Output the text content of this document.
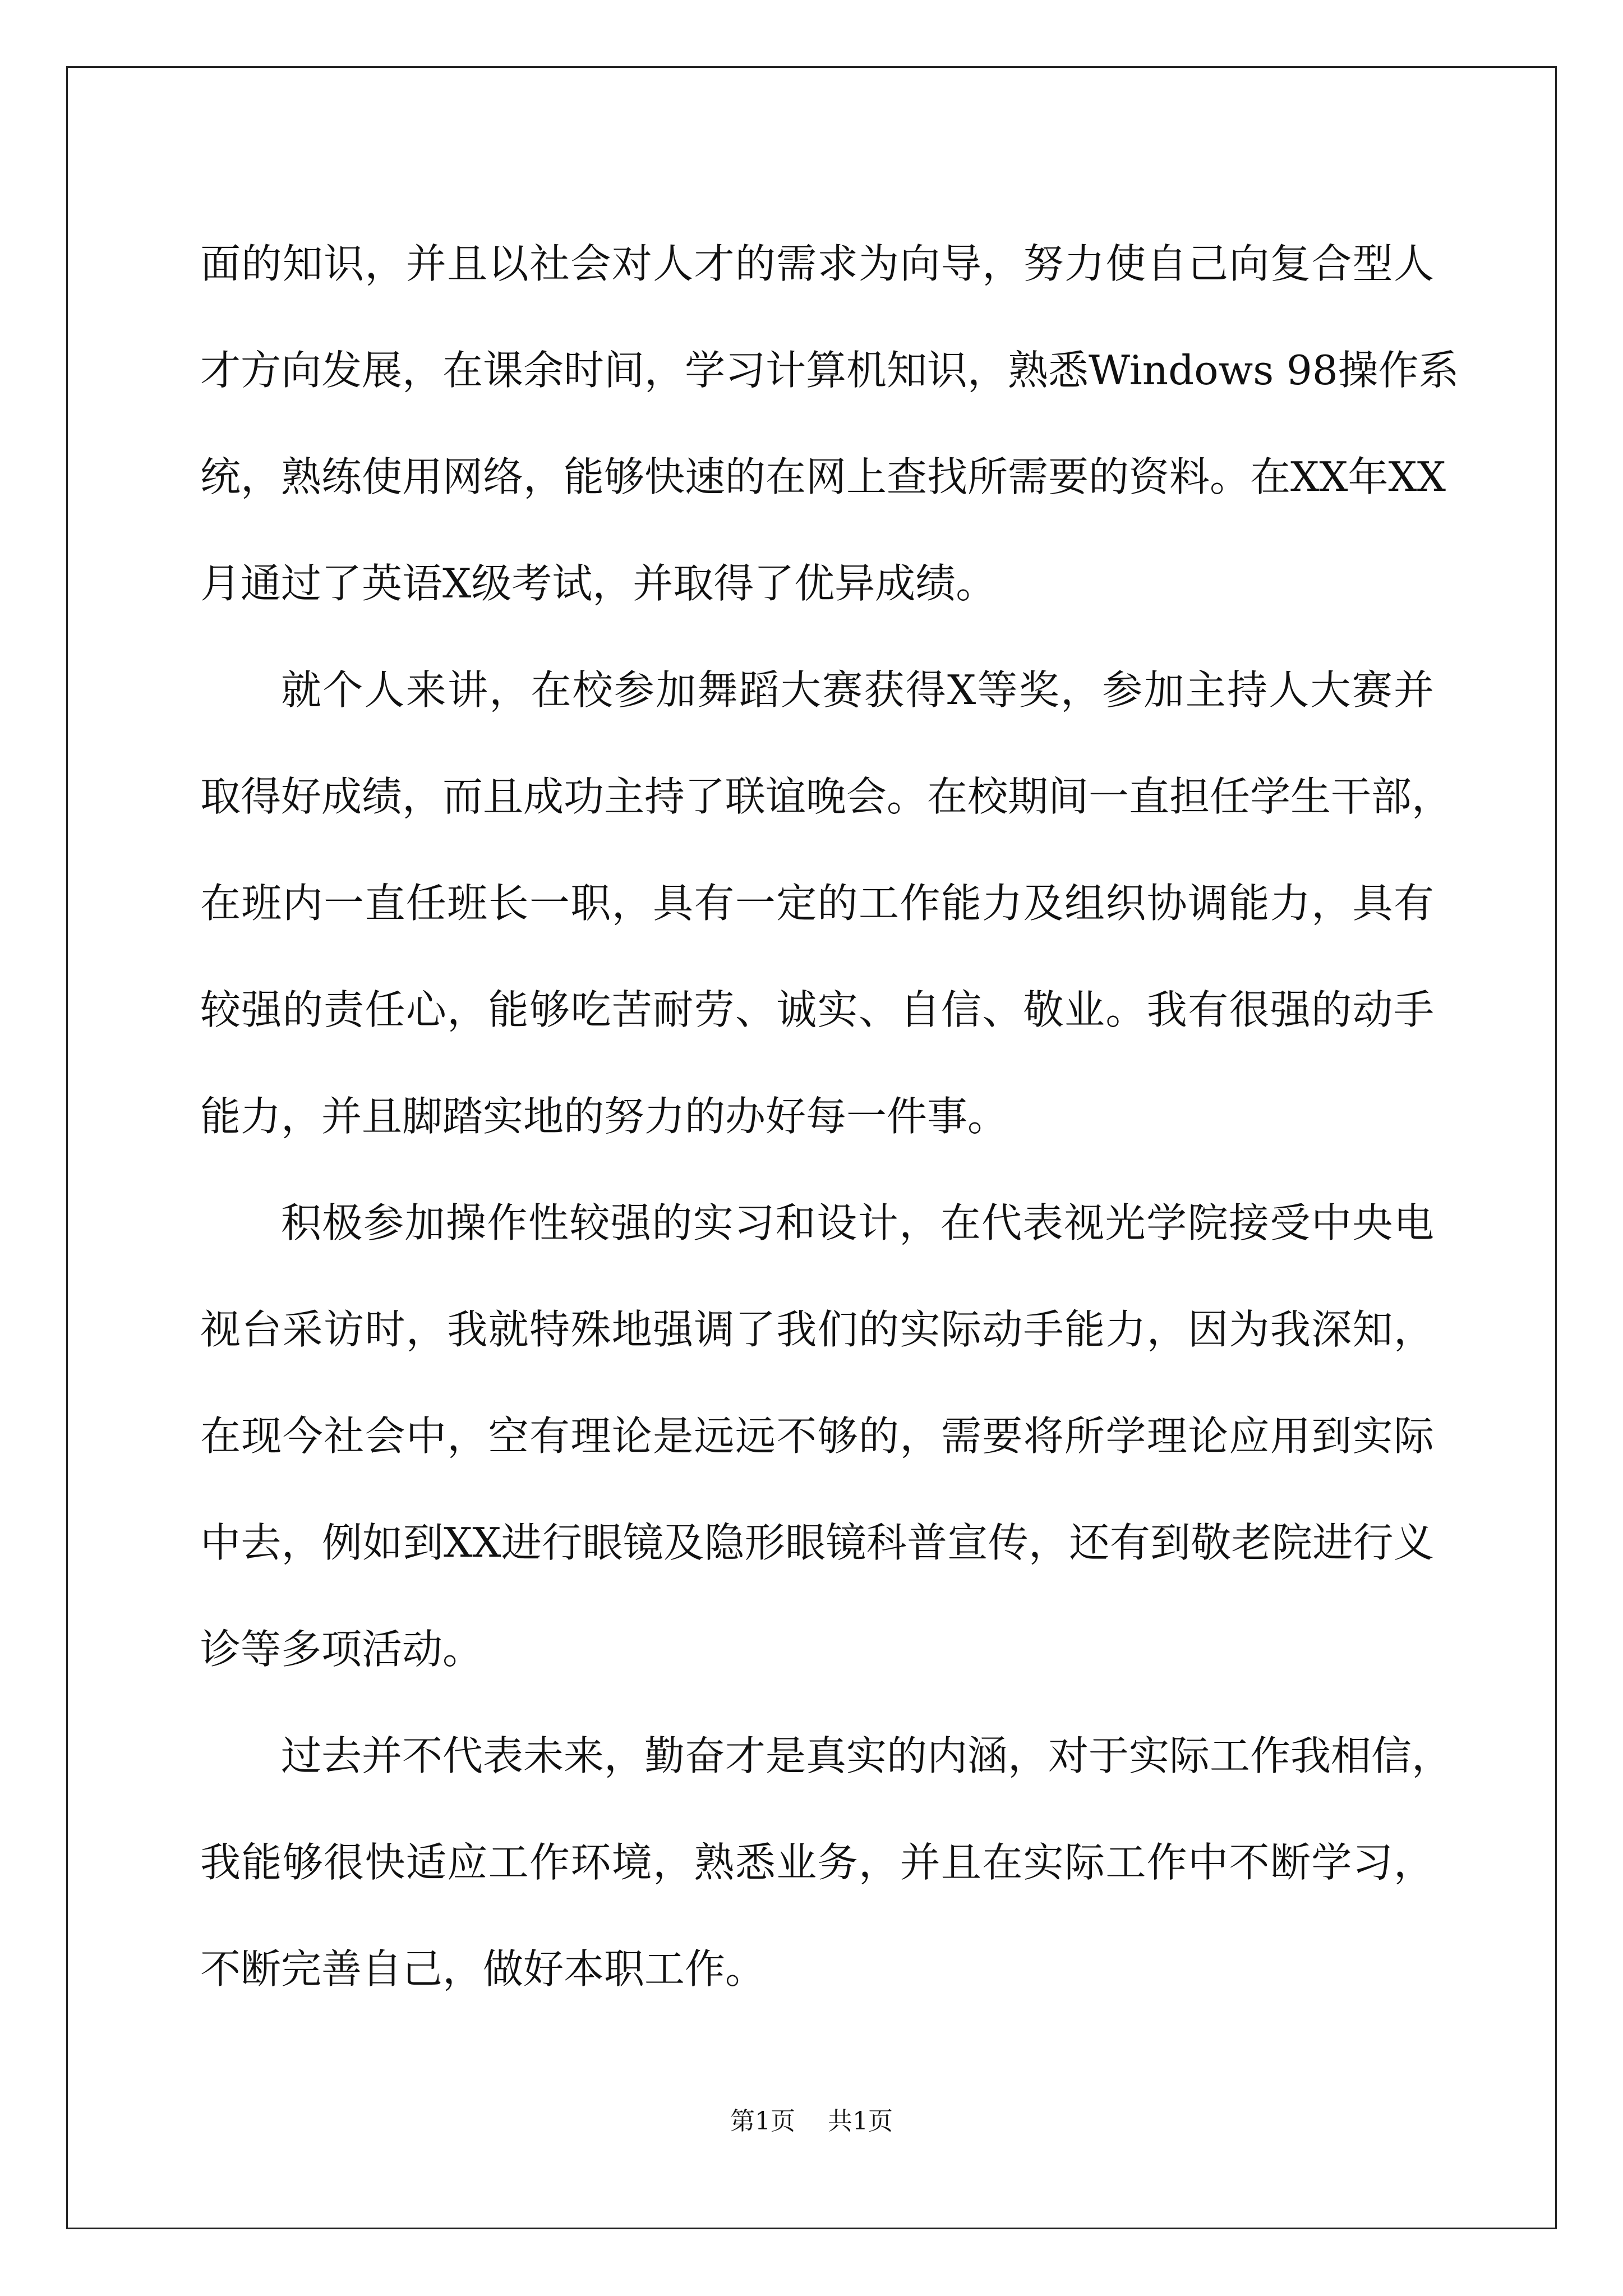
面的知识，并且以社会对人才的需求为向导，努力使自己向复合型人
才方向发展，在课余时间，学习计算机知识，熟悉Windows 98操作系
统，熟练使用网络，能够快速的在网上查找所需要的资料。在XX年XX
月通过了英语X级考试，并取得了优异成绩。
就个人来讲，在校参加舞蹈大赛获得X等奖，参加主持人大赛并
取得好成绩，而且成功主持了联谊晚会。在校期间一直担任学生干部，
在班内一直任班长一职，具有一定的工作能力及组织协调能力，具有
较强的责任心，能够吃苦耐劳、诚实、自信、敬业。我有很强的动手
能力，并且脚踏实地的努力的办好每一件事。
积极参加操作性较强的实习和设计，在代表视光学院接受中央电
视台采访时，我就特殊地强调了我们的实际动手能力，因为我深知，
在现今社会中，空有理论是远远不够的，需要将所学理论应用到实际
中去，例如到XX进行眼镜及隐形眼镜科普宣传，还有到敬老院进行义
诊等多项活动。
过去并不代表未来，勤奋才是真实的内涵，对于实际工作我相信，
我能够很快适应工作环境，熟悉业务，并且在实际工作中不断学习，
不断完善自己，做好本职工作。
第1页 共1页
